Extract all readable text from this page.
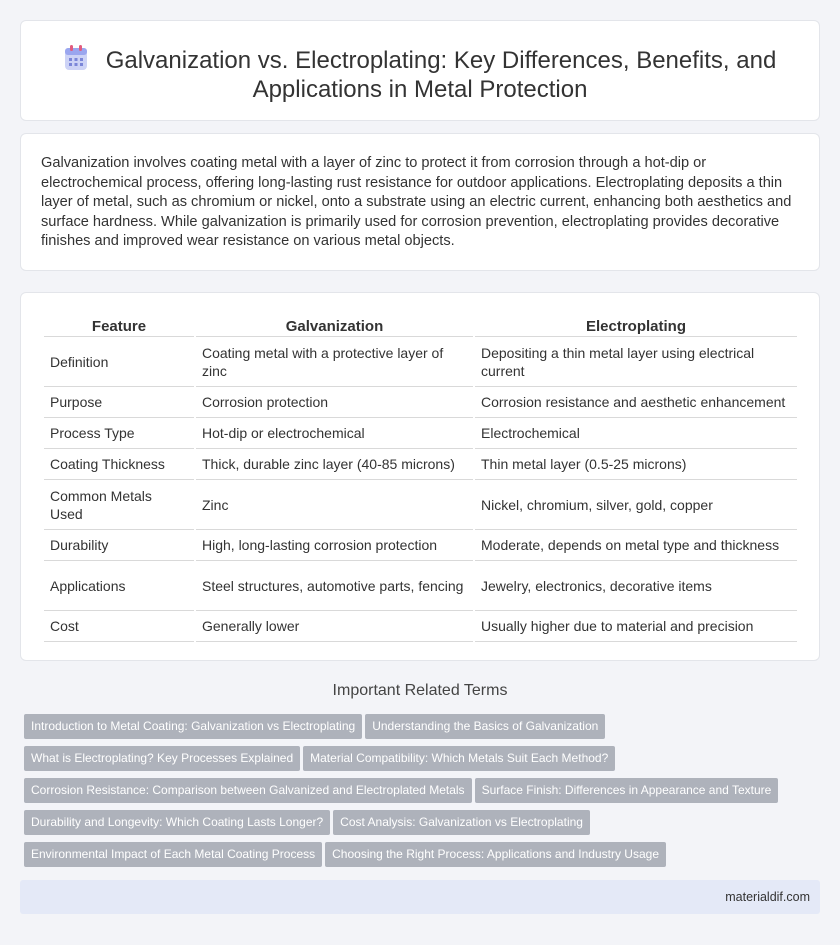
Galvanization vs. Electroplating: Key Differences, Benefits, and
Applications in Metal Protection

Galvanization involves coating metal with a layer of zinc to protect it from corrosion through a hot-dip or electrochemical process, offering long-lasting rust resistance for outdoor applications. Electroplating deposits a thin layer of metal, such as chromium or nickel, onto a substrate using an electric current, enhancing both aesthetics and surface hardness. While galvanization is primarily used for corrosion prevention, electroplating provides decorative finishes and improved wear resistance on various metal objects.

Feature	Galvanization	Electroplating
Definition	Coating metal with a protective layer of zinc	Depositing a thin metal layer using electrical current
Purpose	Corrosion protection	Corrosion resistance and aesthetic enhancement
Process Type	Hot-dip or electrochemical	Electrochemical
Coating Thickness	Thick, durable zinc layer (40-85 microns)	Thin metal layer (0.5-25 microns)
Common Metals Used	Zinc	Nickel, chromium, silver, gold, copper
Durability	High, long-lasting corrosion protection	Moderate, depends on metal type and thickness
Applications	Steel structures, automotive parts, fencing	Jewelry, electronics, decorative items
Cost	Generally lower	Usually higher due to material and precision
Important Related Terms
Introduction to Metal Coating: Galvanization vs Electroplating Understanding the Basics of Galvanization
What is Electroplating? Key Processes Explained Material Compatibility: Which Metals Suit Each Method?
Corrosion Resistance: Comparison between Galvanized and Electroplated Metals Surface Finish: Differences in Appearance and Texture
Durability and Longevity: Which Coating Lasts Longer? Cost Analysis: Galvanization vs Electroplating
Environmental Impact of Each Metal Coating Process Choosing the Right Process: Applications and Industry Usage
materialdif.com
